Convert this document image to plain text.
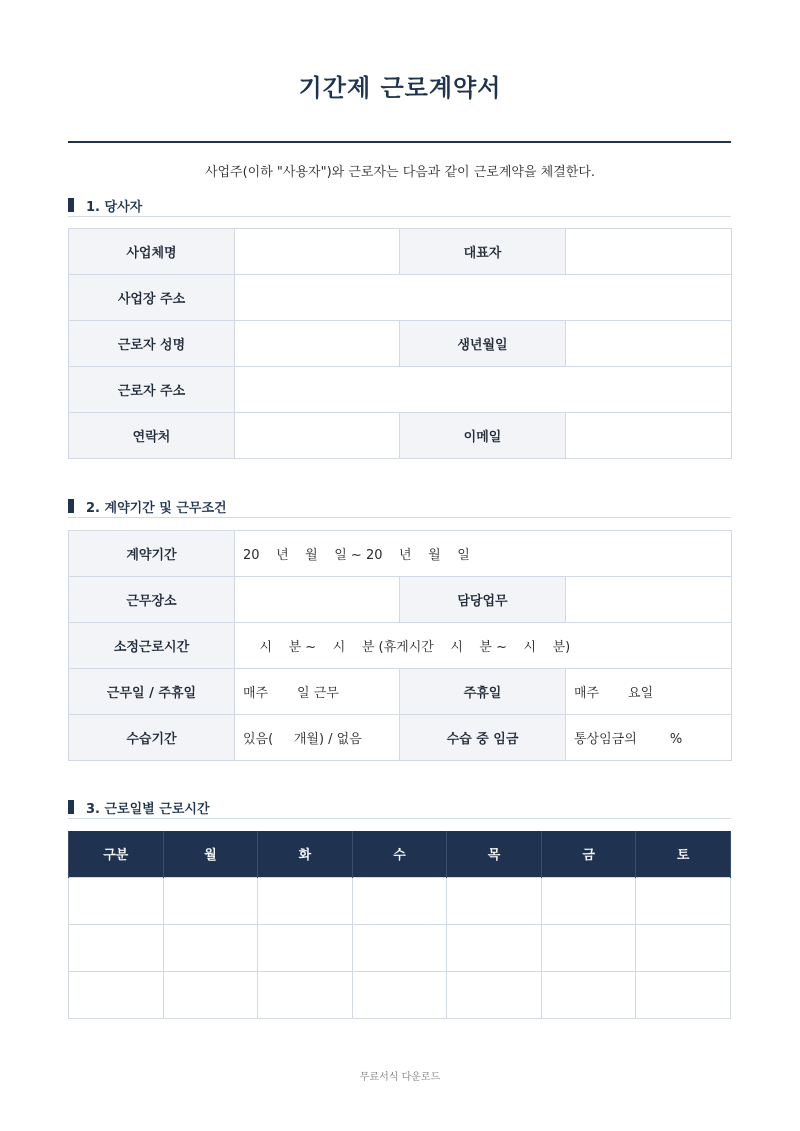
기간제 근로계약서
사업주(이하 "사용자")와 근로자는 다음과 같이 근로계약을 체결한다.
1. 당사자
사업체명		대표자	
사업장 주소			
근로자 성명		생년월일	
근로자 주소			
연락처		이메일	
2. 계약기간 및 근무조건
계약기간	20    년    월    일 ~ 20    년    월    일		
근무장소		담당업무	
소정근로시간	시    분 ~    시    분 (휴게시간    시    분 ~    시    분)		
근무일 / 주휴일	매주       일 근무	주휴일	매주       요일
수습기간	있음(     개월) / 없음	수습 중 임금	통상임금의        %
3. 근로일별 근로시간
구분	월	화	수	목	금	토

무료서식 다운로드
